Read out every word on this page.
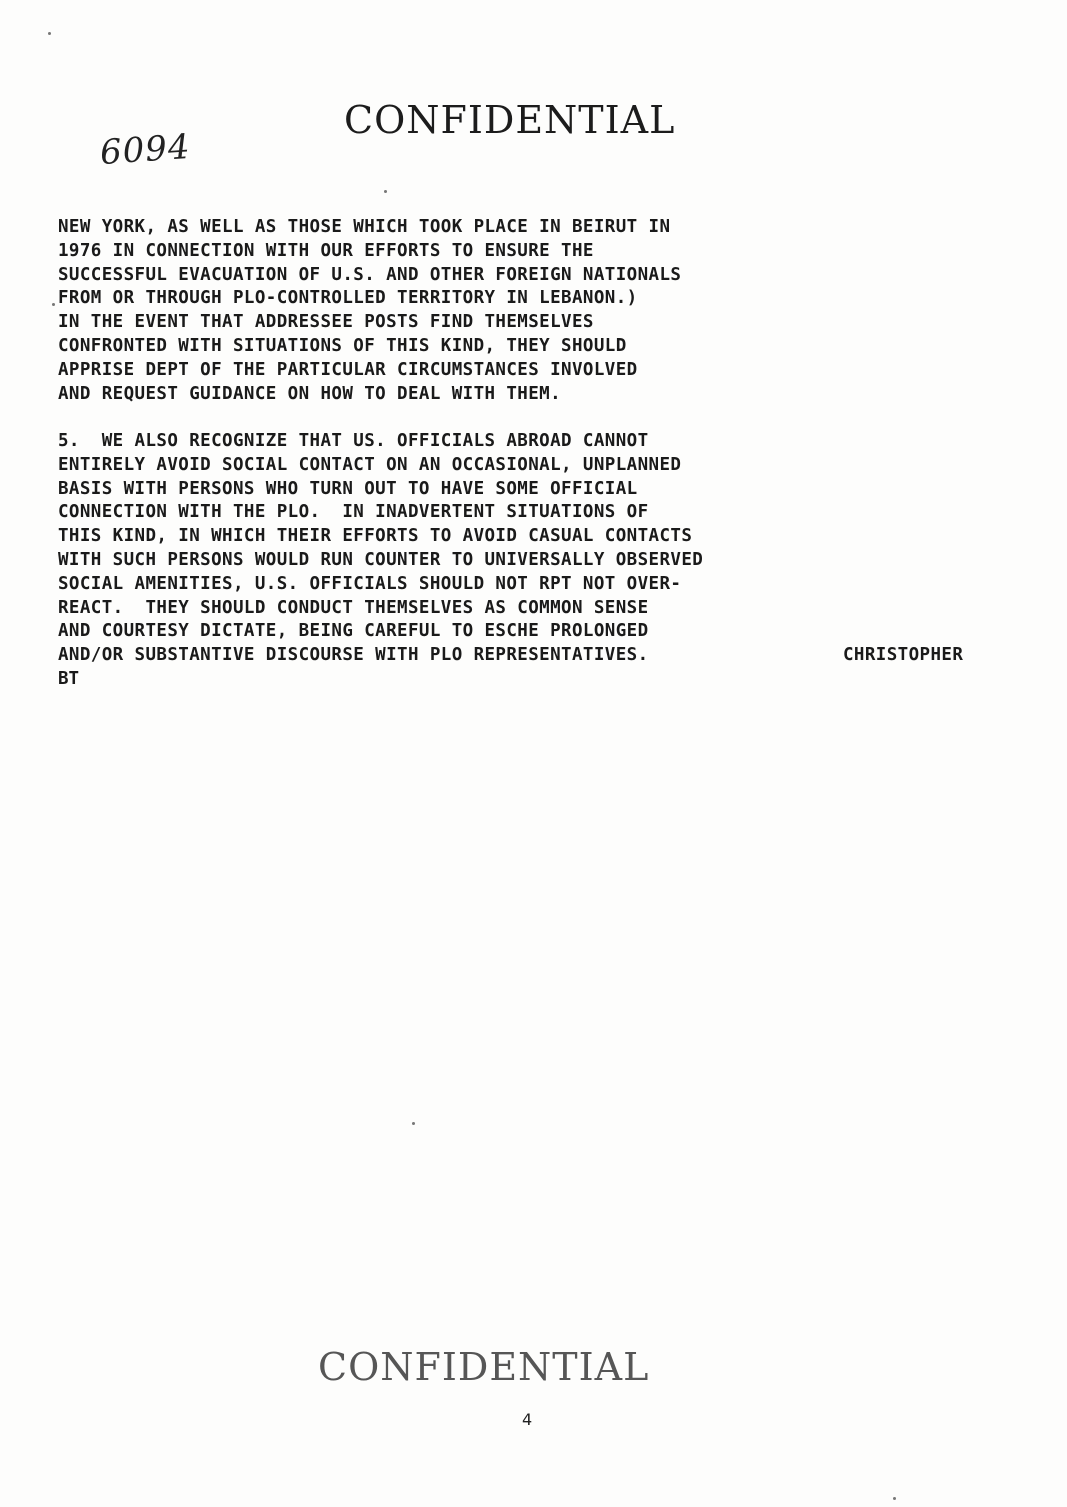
CONFIDENTIAL
6094
NEW YORK, AS WELL AS THOSE WHICH TOOK PLACE IN BEIRUT IN
1976 IN CONNECTION WITH OUR EFFORTS TO ENSURE THE
SUCCESSFUL EVACUATION OF U.S. AND OTHER FOREIGN NATIONALS
FROM OR THROUGH PLO-CONTROLLED TERRITORY IN LEBANON.)
IN THE EVENT THAT ADDRESSEE POSTS FIND THEMSELVES
CONFRONTED WITH SITUATIONS OF THIS KIND, THEY SHOULD
APPRISE DEPT OF THE PARTICULAR CIRCUMSTANCES INVOLVED
AND REQUEST GUIDANCE ON HOW TO DEAL WITH THEM.
5.  WE ALSO RECOGNIZE THAT US. OFFICIALS ABROAD CANNOT
ENTIRELY AVOID SOCIAL CONTACT ON AN OCCASIONAL, UNPLANNED
BASIS WITH PERSONS WHO TURN OUT TO HAVE SOME OFFICIAL
CONNECTION WITH THE PLO.  IN INADVERTENT SITUATIONS OF
THIS KIND, IN WHICH THEIR EFFORTS TO AVOID CASUAL CONTACTS
WITH SUCH PERSONS WOULD RUN COUNTER TO UNIVERSALLY OBSERVED
SOCIAL AMENITIES, U.S. OFFICIALS SHOULD NOT RPT NOT OVER-
REACT.  THEY SHOULD CONDUCT THEMSELVES AS COMMON SENSE
AND COURTESY DICTATE, BEING CAREFUL TO ESCHE PROLONGED
AND/OR SUBSTANTIVE DISCOURSE WITH PLO REPRESENTATIVES.	CHRISTOPHER
BT
CONFIDENTIAL
4
